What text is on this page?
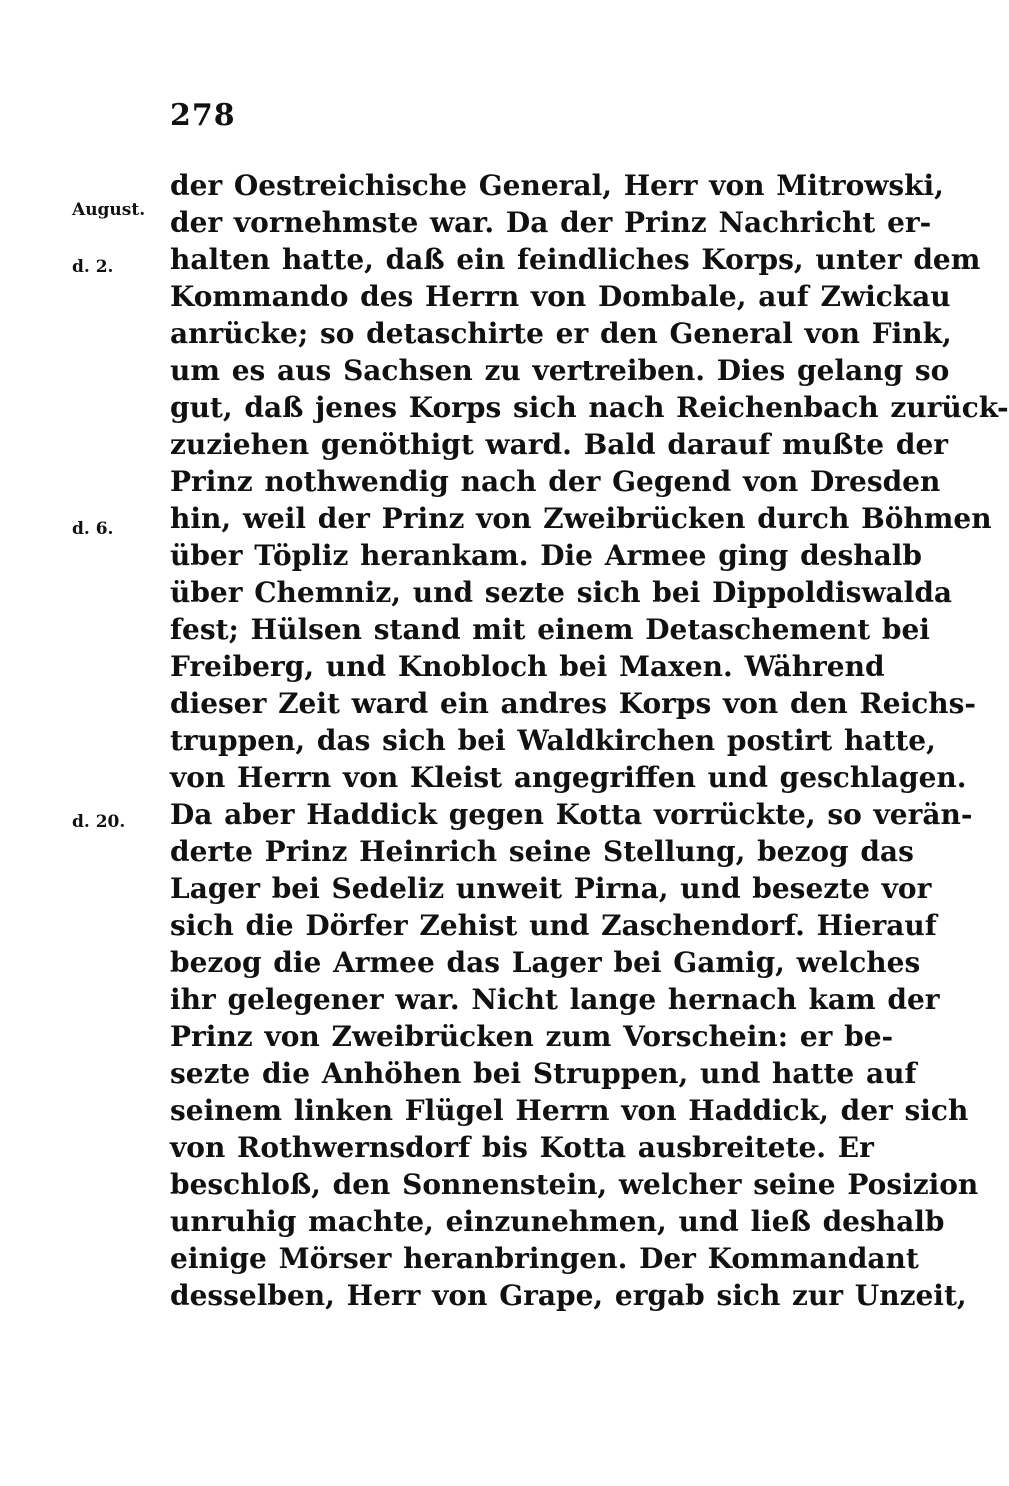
278
August.
d. 2.
d. 6.
d. 20.
der Oestreichische General, Herr von Mitrowski,
der vornehmste war. Da der Prinz Nachricht er-
halten hatte, daß ein feindliches Korps, unter dem
Kommando des Herrn von Dombale, auf Zwickau
anrücke; so detaschirte er den General von Fink,
um es aus Sachsen zu vertreiben. Dies gelang so
gut, daß jenes Korps sich nach Reichenbach zurück-
zuziehen genöthigt ward. Bald darauf mußte der
Prinz nothwendig nach der Gegend von Dresden
hin, weil der Prinz von Zweibrücken durch Böhmen
über Töpliz herankam. Die Armee ging deshalb
über Chemniz, und sezte sich bei Dippoldiswalda
fest; Hülsen stand mit einem Detaschement bei
Freiberg, und Knobloch bei Maxen. Während
dieser Zeit ward ein andres Korps von den Reichs-
truppen, das sich bei Waldkirchen postirt hatte,
von Herrn von Kleist angegriffen und geschlagen.
Da aber Haddick gegen Kotta vorrückte, so verän-
derte Prinz Heinrich seine Stellung, bezog das
Lager bei Sedeliz unweit Pirna, und besezte vor
sich die Dörfer Zehist und Zaschendorf. Hierauf
bezog die Armee das Lager bei Gamig, welches
ihr gelegener war. Nicht lange hernach kam der
Prinz von Zweibrücken zum Vorschein: er be-
sezte die Anhöhen bei Struppen, und hatte auf
seinem linken Flügel Herrn von Haddick, der sich
von Rothwernsdorf bis Kotta ausbreitete. Er
beschloß, den Sonnenstein, welcher seine Posizion
unruhig machte, einzunehmen, und ließ deshalb
einige Mörser heranbringen. Der Kommandant
desselben, Herr von Grape, ergab sich zur Unzeit,
